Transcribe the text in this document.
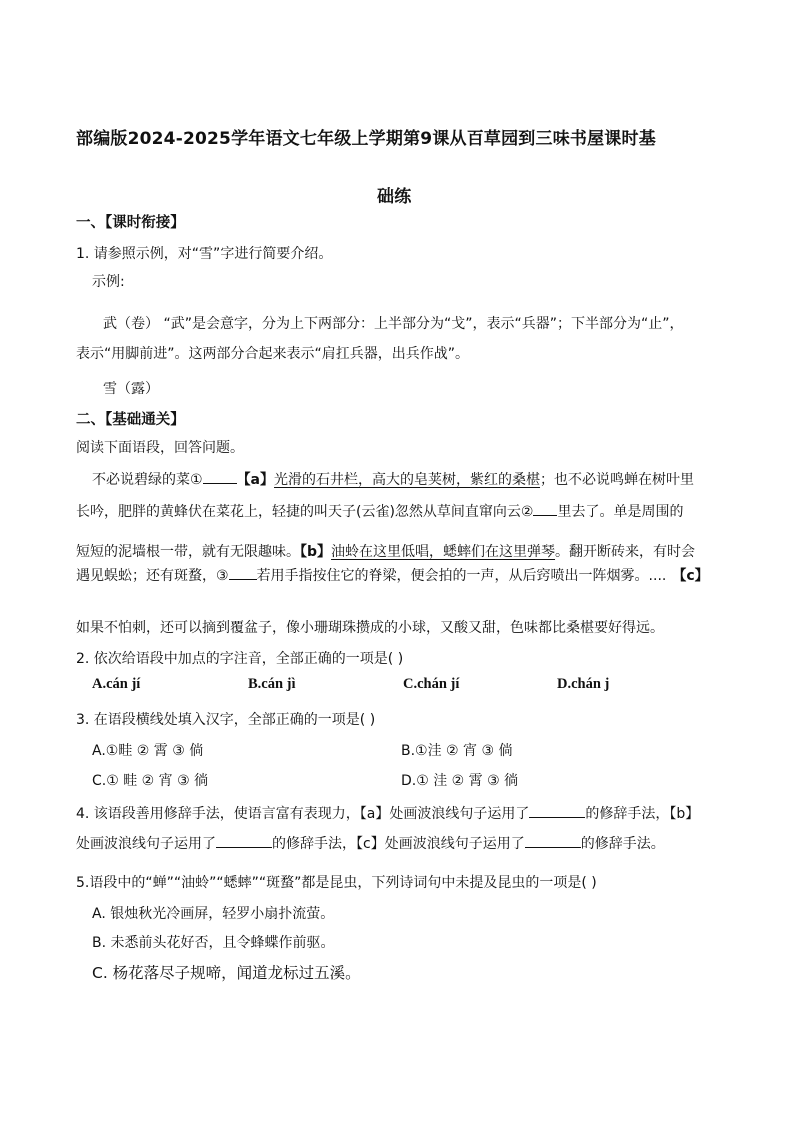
部编版2024-2025学年语文七年级上学期第9课从百草园到三味书屋课时基
础练
一、【课时衔接】
1. 请参照示例，对“雪”字进行简要介绍。
示例:
武（卷） “武”是会意字，分为上下两部分：上半部分为“戈”，表示“兵器”；下半部分为“止”，
表示“用脚前进”。这两部分合起来表示“肩扛兵器，出兵作战”。
雪（露）
二、【基础通关】
阅读下面语段，回答问题。
不必说碧绿的菜① 【a】光滑的石井栏，高大的皂荚树，紫红的桑椹；也不必说鸣蝉在树叶里
长吟，肥胖的黄蜂伏在菜花上，轻捷的叫天子(云雀)忽然从草间直窜向云② 里去了。单是周围的
短短的泥墙根一带，就有无限趣味。【b】油蛉在这里低唱，蟋蟀们在这里弹琴。翻开断砖来，有时会
遇见蜈蚣；还有斑蝥，③ 若用手指按住它的脊梁，便会拍的一声，从后窍喷出一阵烟雾。.... 【c】
如果不怕刺，还可以摘到覆盆子，像小珊瑚珠攒成的小球，又酸又甜，色味都比桑椹要好得远。
2. 依次给语段中加点的字注音，全部正确的一项是( )
A.cán jí	B.cán jì	C.chán jí	D.chán j
3. 在语段横线处填入汉字，全部正确的一项是( )
A.①畦 ② 霄 ③ 倘	B.①洼 ② 宵 ③ 倘
C.① 畦 ② 宵 ③ 徜	D.① 洼 ② 霄 ③ 徜
4. 该语段善用修辞手法，使语言富有表现力，【a】处画波浪线句子运用了	的修辞手法，【b】
处画波浪线句子运用了	的修辞手法，【c】处画波浪线句子运用了	的修辞手法。
5.语段中的“蝉”“油蛉”“蟋蟀”“斑蝥”都是昆虫，下列诗词句中未提及昆虫的一项是( )
A. 银烛秋光冷画屏，轻罗小扇扑流萤。
B. 未悉前头花好否，且令蜂蝶作前驱。
C. 杨花落尽子规啼，闻道龙标过五溪。
